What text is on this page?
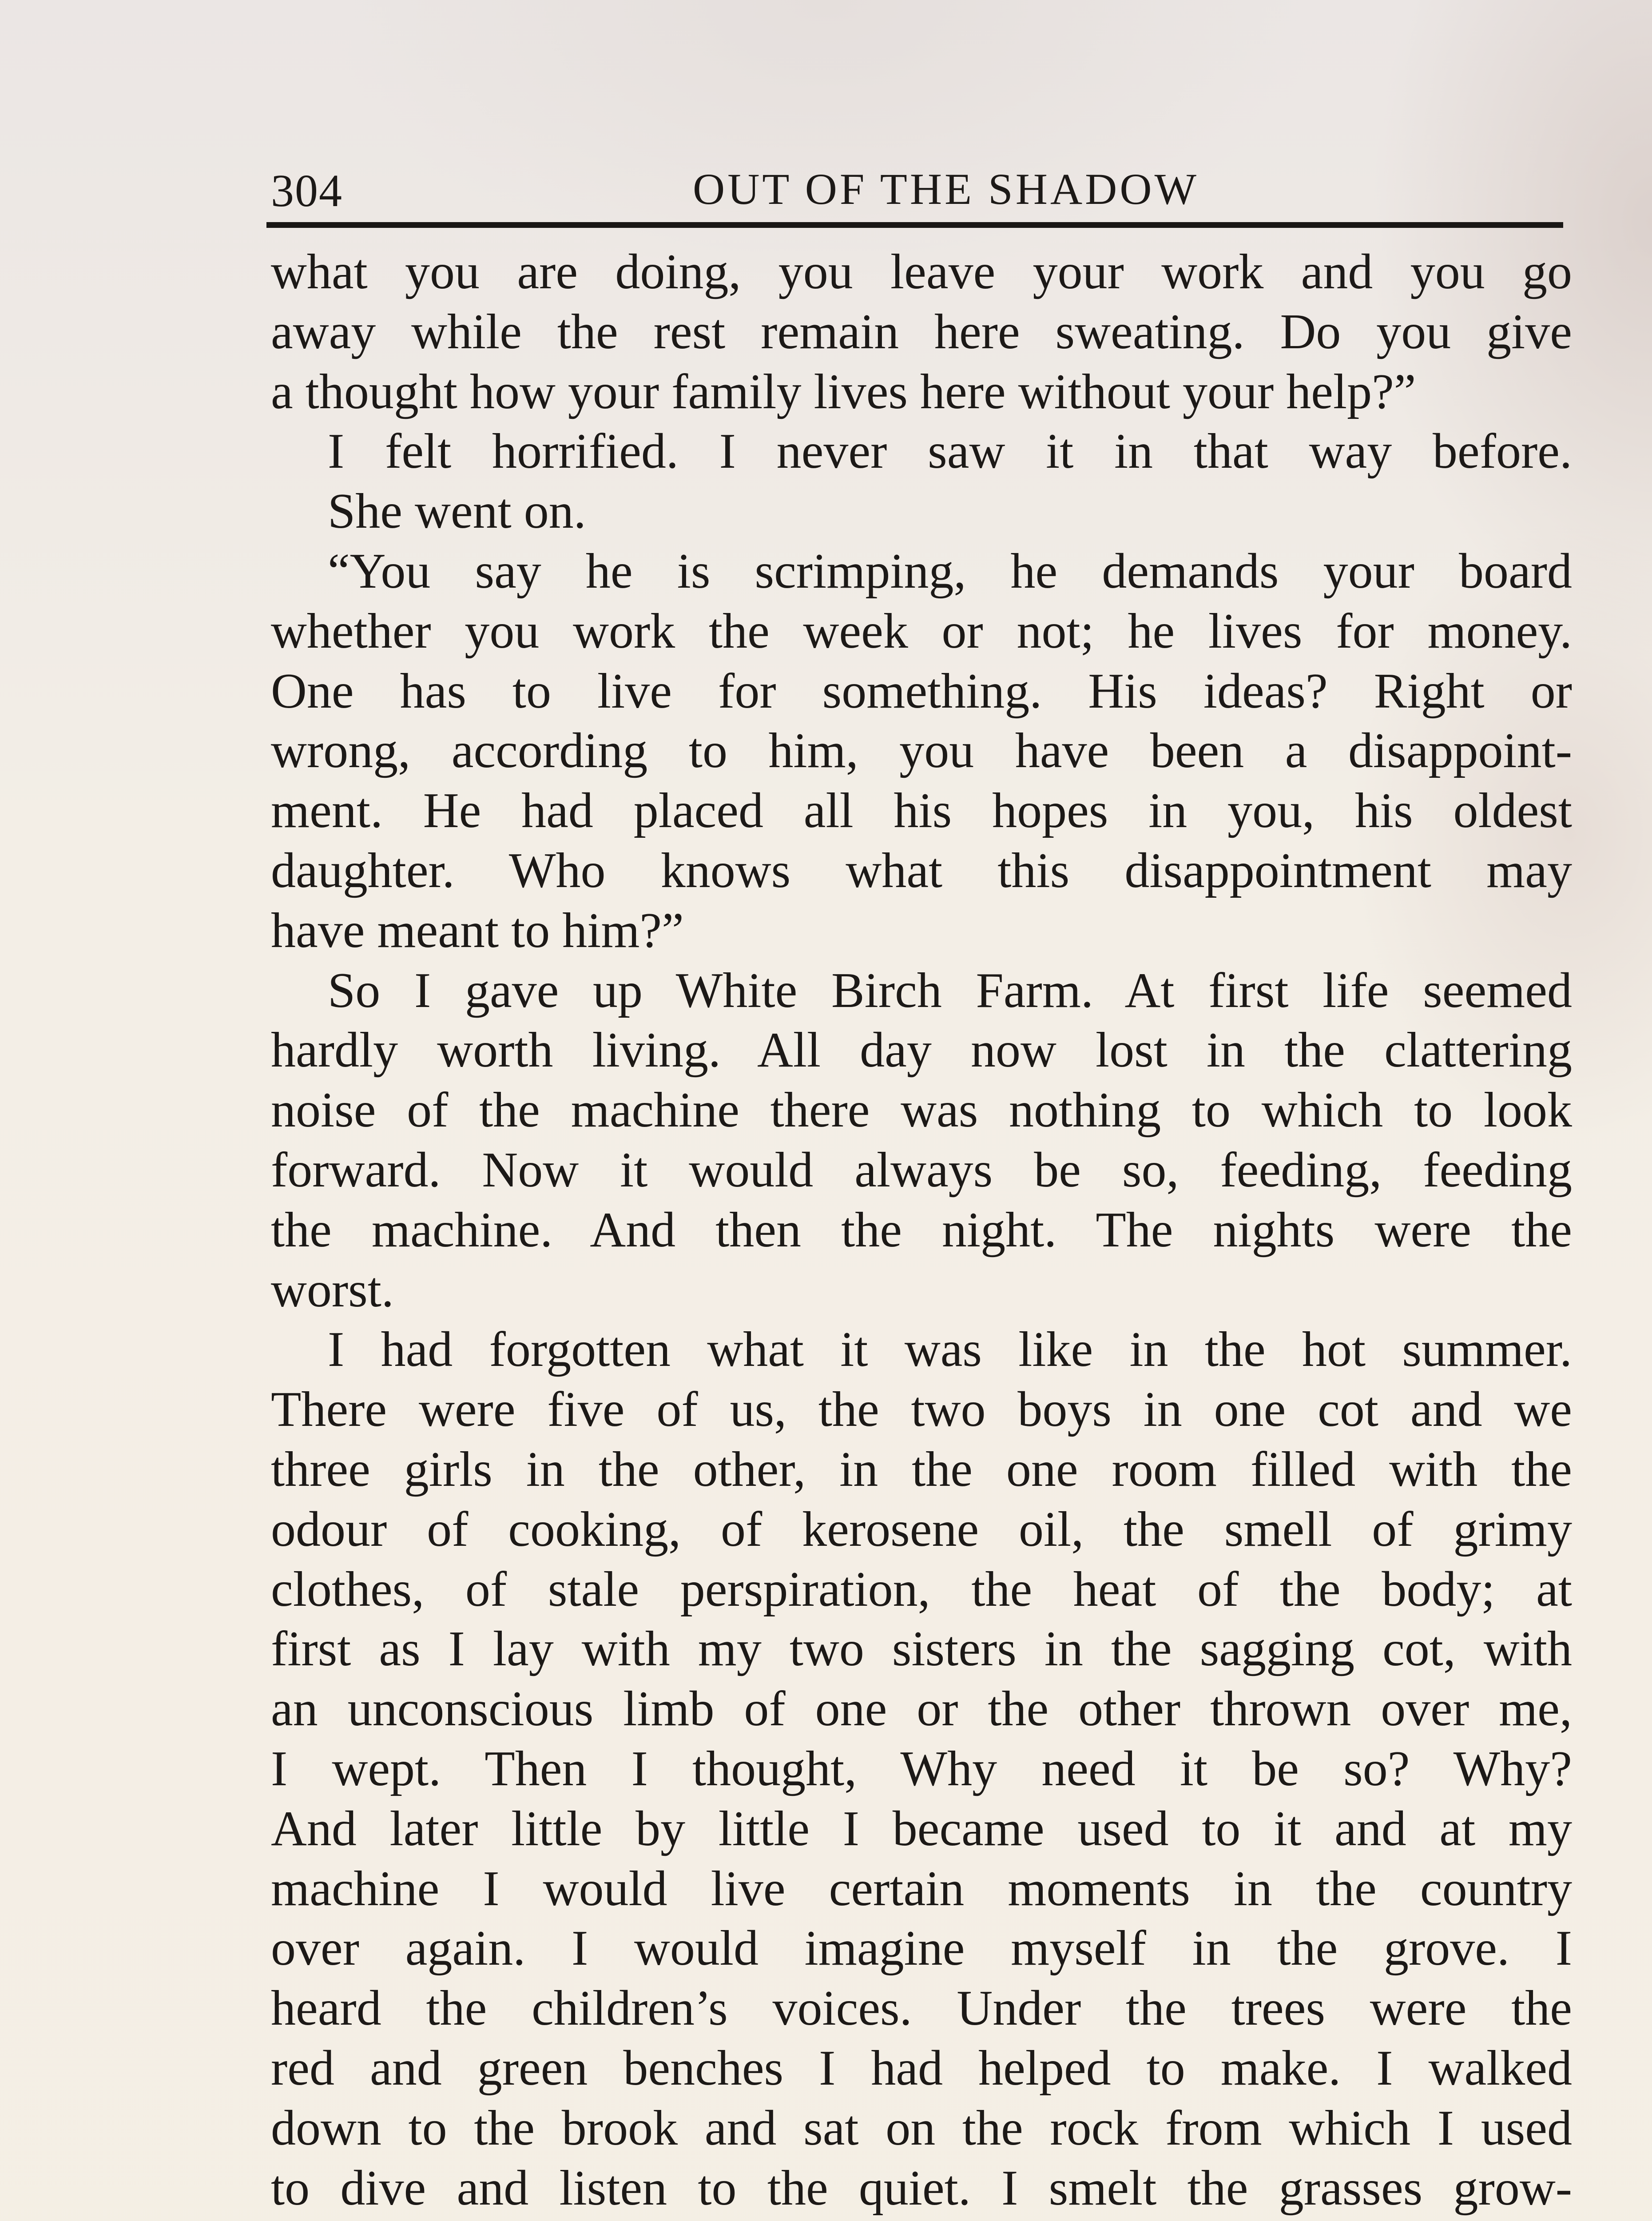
304	OUT OF THE SHADOW
what you are doing, you leave your work and you go
away while the rest remain here sweating. Do you give
a thought how your family lives here without your help?”
I felt horrified. I never saw it in that way before.
She went on.
“You say he is scrimping, he demands your board
whether you work the week or not; he lives for money.
One has to live for something. His ideas? Right or
wrong, according to him, you have been a disappoint-
ment. He had placed all his hopes in you, his oldest
daughter. Who knows what this disappointment may
have meant to him?”
So I gave up White Birch Farm. At first life seemed
hardly worth living. All day now lost in the clattering
noise of the machine there was nothing to which to look
forward. Now it would always be so, feeding, feeding
the machine. And then the night. The nights were the
worst.
I had forgotten what it was like in the hot summer.
There were five of us, the two boys in one cot and we
three girls in the other, in the one room filled with the
odour of cooking, of kerosene oil, the smell of grimy
clothes, of stale perspiration, the heat of the body; at
first as I lay with my two sisters in the sagging cot, with
an unconscious limb of one or the other thrown over me,
I wept. Then I thought, Why need it be so? Why?
And later little by little I became used to it and at my
machine I would live certain moments in the country
over again. I would imagine myself in the grove. I
heard the children’s voices. Under the trees were the
red and green benches I had helped to make. I walked
down to the brook and sat on the rock from which I used
to dive and listen to the quiet. I smelt the grasses grow-
